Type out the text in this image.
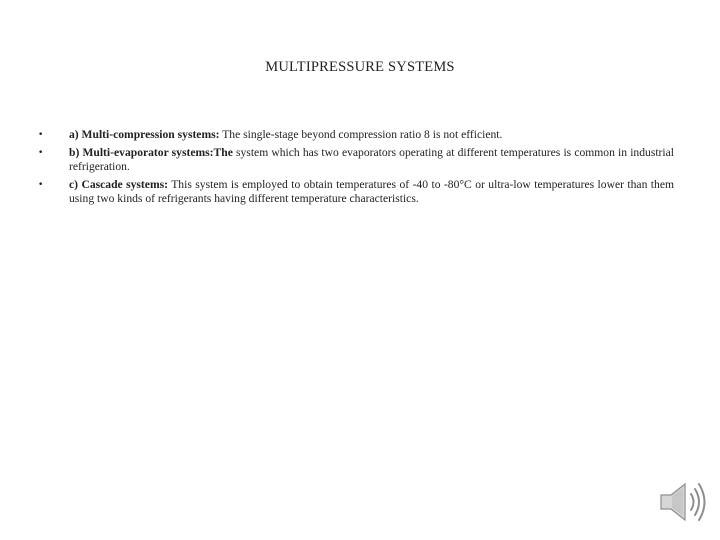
MULTIPRESSURE SYSTEMS
• a) Multi-compression systems: The single-stage beyond compression ratio 8 is not efficient.
• b) Multi-evaporator systems:The system which has two evaporators operating at different temperatures is common in industrial refrigeration.
• c) Cascade systems: This system is employed to obtain temperatures of -40 to -80°C or ultra-low temperatures lower than them using two kinds of refrigerants having different temperature characteristics.
